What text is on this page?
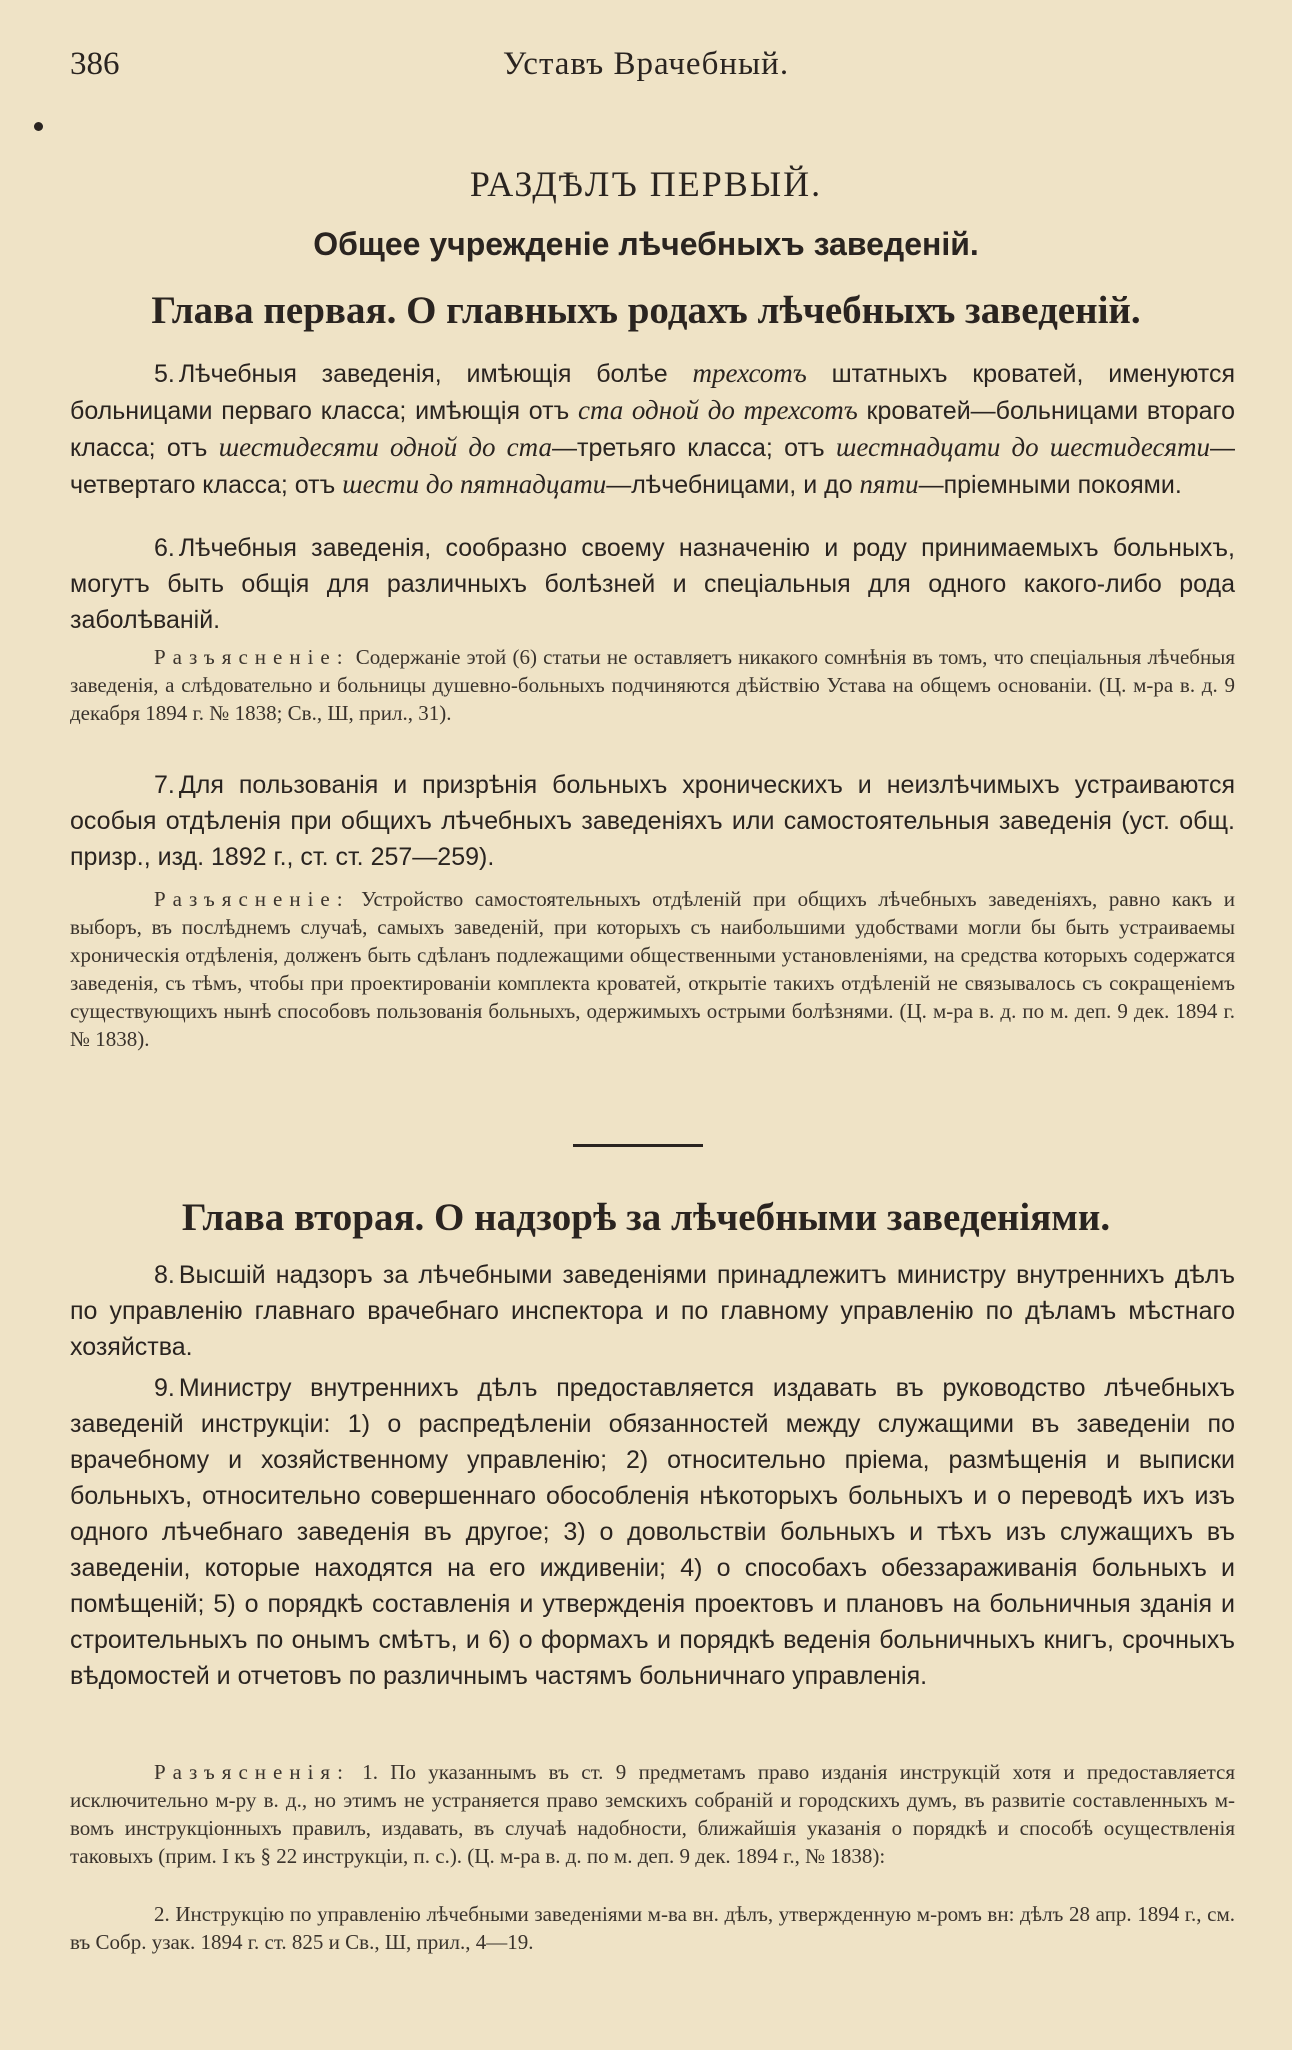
386	Уставъ Врачебный.
РАЗДѢЛЪ ПЕРВЫЙ.
Общее учрежденіе лѣчебныхъ заведеній.
Глава первая. О главныхъ родахъ лѣчебныхъ заведеній.
5. Лѣчебныя заведенія, имѣющія болѣе трехсотъ штатныхъ кроватей, именуются больницами перваго класса; имѣющія отъ ста одной до трехсотъ кроватей—больницами втораго класса; отъ шестидесяти одной до ста—третьяго класса; отъ шестнадцати до шестидесяти—четвертаго класса; отъ шести до пятнадцати—лѣчебницами, и до пяти—пріемными покоями.
6. Лѣчебныя заведенія, сообразно своему назначенію и роду принимаемыхъ больныхъ, могутъ быть общія для различныхъ болѣзней и спеціальныя для одного какого-либо рода заболѣваній.
Разъясненіе: Содержаніе этой (6) статьи не оставляетъ никакого сомнѣнія въ томъ, что спеціальныя лѣчебныя заведенія, а слѣдовательно и больницы душевно-больныхъ подчиняются дѣйствію Устава на общемъ основаніи. (Ц. м-ра в. д. 9 декабря 1894 г. № 1838; Св., Ш, прил., 31).
7. Для пользованія и призрѣнія больныхъ хроническихъ и неизлѣчимыхъ устраиваются особыя отдѣленія при общихъ лѣчебныхъ заведеніяхъ или самостоятельныя заведенія (уст. общ. призр., изд. 1892 г., ст. ст. 257—259).
Разъясненіе: Устройство самостоятельныхъ отдѣленій при общихъ лѣчебныхъ заведеніяхъ, равно какъ и выборъ, въ послѣднемъ случаѣ, самыхъ заведеній, при которыхъ съ наибольшими удобствами могли бы быть устраиваемы хроническія отдѣленія, долженъ быть сдѣланъ подлежащими общественными установленіями, на средства которыхъ содержатся заведенія, съ тѣмъ, чтобы при проектированіи комплекта кроватей, открытіе такихъ отдѣленій не связывалось съ сокращеніемъ существующихъ нынѣ способовъ пользованія больныхъ, одержимыхъ острыми болѣзнями. (Ц. м-ра в. д. по м. деп. 9 дек. 1894 г. № 1838).
Глава вторая. О надзорѣ за лѣчебными заведеніями.
8. Высшій надзоръ за лѣчебными заведеніями принадлежитъ министру внутреннихъ дѣлъ по управленію главнаго врачебнаго инспектора и по главному управленію по дѣламъ мѣстнаго хозяйства.
9. Министру внутреннихъ дѣлъ предоставляется издавать въ руководство лѣчебныхъ заведеній инструкціи: 1) о распредѣленіи обязанностей между служащими въ заведеніи по врачебному и хозяйственному управленію; 2) относительно пріема, размѣщенія и выписки больныхъ, относительно совершеннаго обособленія нѣкоторыхъ больныхъ и о переводѣ ихъ изъ одного лѣчебнаго заведенія въ другое; 3) о довольствіи больныхъ и тѣхъ изъ служащихъ въ заведеніи, которые находятся на его иждивеніи; 4) о способахъ обеззараживанія больныхъ и помѣщеній; 5) о порядкѣ составленія и утвержденія проектовъ и плановъ на больничныя зданія и строительныхъ по онымъ смѣтъ, и 6) о формахъ и порядкѣ веденія больничныхъ книгъ, срочныхъ вѣдомостей и отчетовъ по различнымъ частямъ больничнаго управленія.
Разъясненія: 1. По указаннымъ въ ст. 9 предметамъ право изданія инструкцій хотя и предоставляется исключительно м-ру в. д., но этимъ не устраняется право земскихъ собраній и городскихъ думъ, въ развитіе составленныхъ м-вомъ инструкціонныхъ правилъ, издавать, въ случаѣ надобности, ближайшія указанія о порядкѣ и способѣ осуществленія таковыхъ (прим. I къ § 22 инструкціи, п. с.). (Ц. м-ра в. д. по м. деп. 9 дек. 1894 г., № 1838):
2. Инструкцію по управленію лѣчебными заведеніями м-ва вн. дѣлъ, утвержденную м-ромъ вн: дѣлъ 28 апр. 1894 г., см. въ Собр. узак. 1894 г. ст. 825 и Св., Ш, прил., 4—19.
